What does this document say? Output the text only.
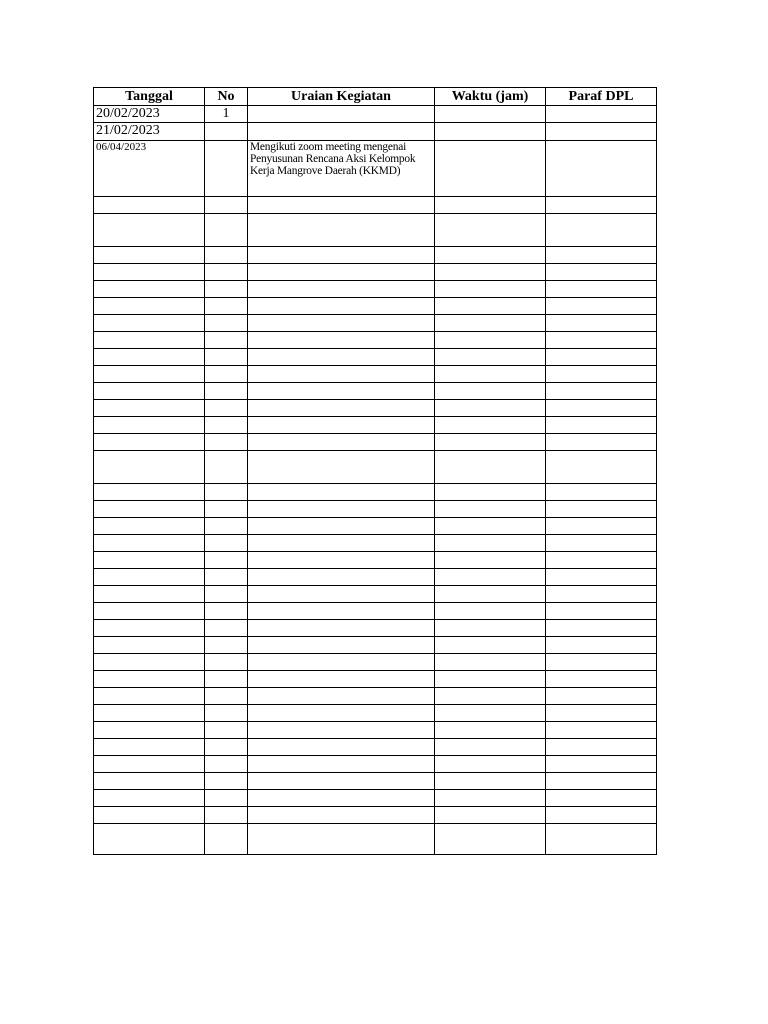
Tanggal	No	Uraian Kegiatan	Waktu (jam)	Paraf DPL
20/02/2023	1			
21/02/2023				
06/04/2023		Mengikuti zoom meeting mengenai Penyusunan Rencana Aksi Kelompok Kerja Mangrove Daerah (KKMD)		
